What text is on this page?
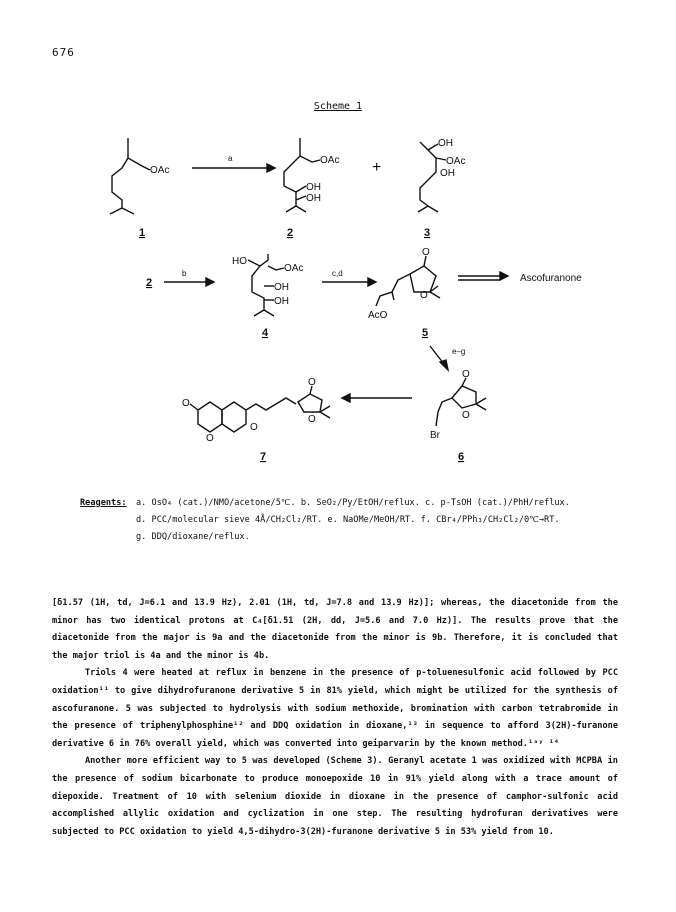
676
Scheme 1
OAc
OAc
OH
OH
OH
OAc
OH
HO
OAc
OH
OH
O
O
AcO
O
O
Br
O
O
O
O
O
a
b	c,d
e–g
+
Ascofuranone
1	2	3
2
4	5
6
7
Reagents: a. OsO₄ (cat.)/NMO/acetone/5℃. b. SeO₂/Py/EtOH/reflux. c. p-TsOH (cat.)/PhH/reflux.
d. PCC/molecular sieve 4Å/CH₂Cl₂/RT. e. NaOMe/MeOH/RT. f. CBr₄/PPh₃/CH₂Cl₂/0℃→RT.
g. DDQ/dioxane/reflux.

[δ1.57 (1H, td, J=6.1 and 13.9 Hz), 2.01 (1H, td, J=7.8 and 13.9 Hz)]; whereas, the diacetonide from the minor has two identical protons at C₄[δ1.51 (2H, dd, J=5.6 and 7.0 Hz)]. The results prove that the diacetonide from the major is 9a and the diacetonide from the minor is 9b. Therefore, it is concluded that the major triol is 4a and the minor is 4b.

Triols 4 were heated at reflux in benzene in the presence of p-toluenesulfonic acid followed by PCC oxidation¹¹ to give dihydrofuranone derivative 5 in 81% yield, which might be utilized for the synthesis of ascofuranone. 5 was subjected to hydrolysis with sodium methoxide, bromination with carbon tetrabromide in the presence of triphenylphosphine¹² and DDQ oxidation in dioxane,¹³ in sequence to afford 3(2H)-furanone derivative 6 in 76% overall yield, which was converted into geiparvarin by the known method.¹ᵃʸ ¹⁴

Another more efficient way to 5 was developed (Scheme 3). Geranyl acetate 1 was oxidized with MCPBA in the presence of sodium bicarbonate to produce monoepoxide 10 in 91% yield along with a trace amount of diepoxide. Treatment of 10 with selenium dioxide in dioxane in the presence of camphor-sulfonic acid accomplished allylic oxidation and cyclization in one step. The resulting hydrofuran derivatives were subjected to PCC oxidation to yield 4,5-dihydro-3(2H)-furanone derivative 5 in 53% yield from 10.
